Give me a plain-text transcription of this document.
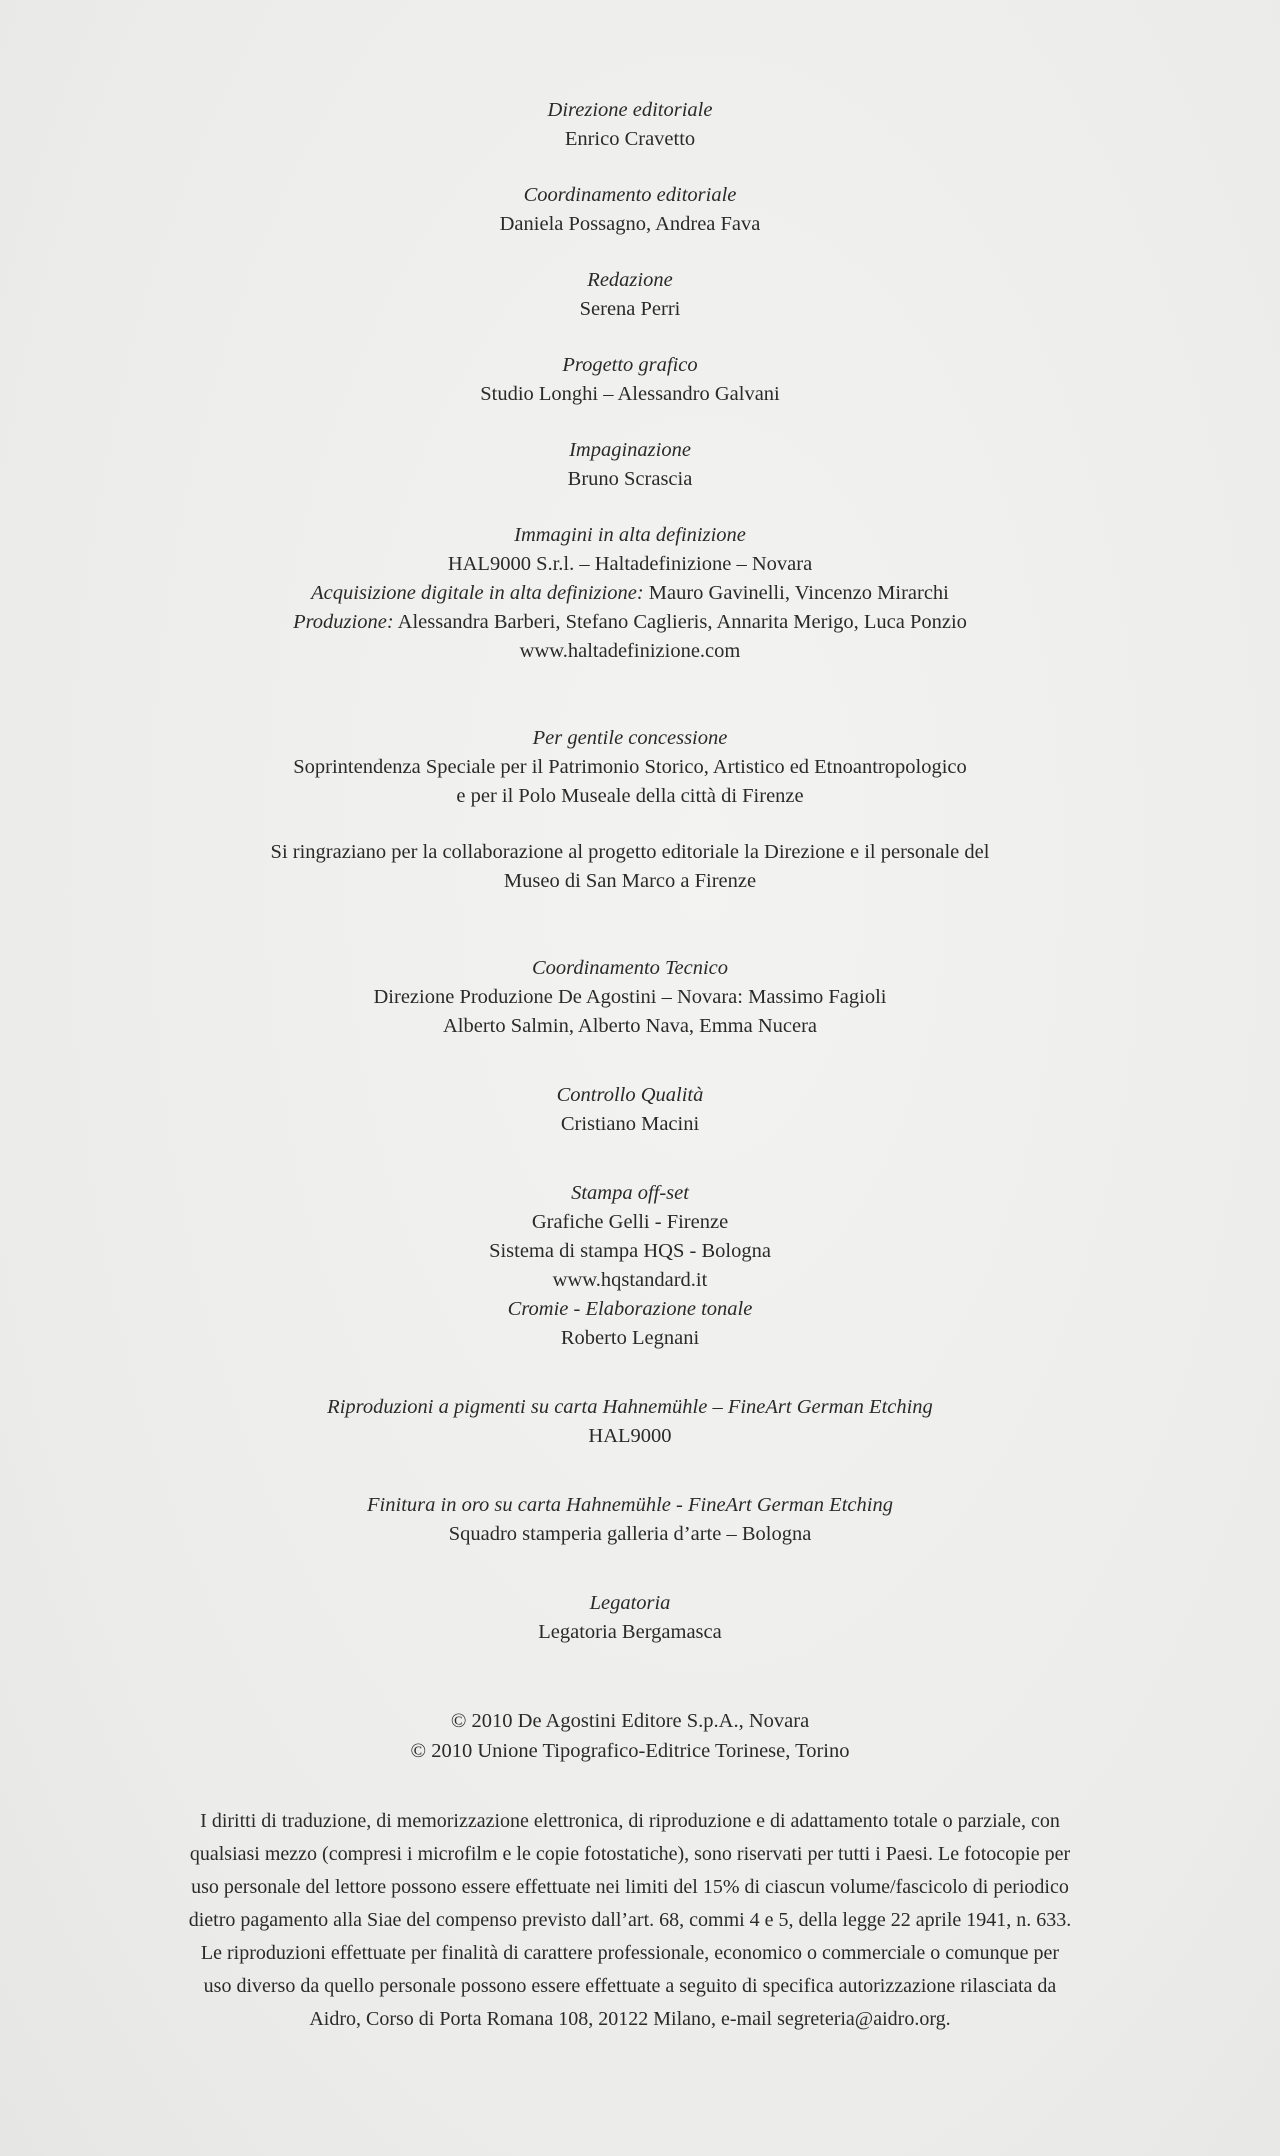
Direzione editoriale
Enrico Cravetto
Coordinamento editoriale
Daniela Possagno, Andrea Fava
Redazione
Serena Perri
Progetto grafico
Studio Longhi – Alessandro Galvani
Impaginazione
Bruno Scrascia
Immagini in alta definizione
HAL9000 S.r.l. – Haltadefinizione – Novara
Acquisizione digitale in alta definizione: Mauro Gavinelli, Vincenzo Mirarchi
Produzione: Alessandra Barberi, Stefano Caglieris, Annarita Merigo, Luca Ponzio
www.haltadefinizione.com
Per gentile concessione
Soprintendenza Speciale per il Patrimonio Storico, Artistico ed Etnoantropologico
e per il Polo Museale della città di Firenze
Si ringraziano per la collaborazione al progetto editoriale la Direzione e il personale del
Museo di San Marco a Firenze
Coordinamento Tecnico
Direzione Produzione De Agostini – Novara: Massimo Fagioli
Alberto Salmin, Alberto Nava, Emma Nucera
Controllo Qualità
Cristiano Macini
Stampa off-set
Grafiche Gelli - Firenze
Sistema di stampa HQS - Bologna
www.hqstandard.it
Cromie - Elaborazione tonale
Roberto Legnani
Riproduzioni a pigmenti su carta Hahnemühle – FineArt German Etching
HAL9000
Finitura in oro su carta Hahnemühle - FineArt German Etching
Squadro stamperia galleria d’arte – Bologna
Legatoria
Legatoria Bergamasca
© 2010 De Agostini Editore S.p.A., Novara
© 2010 Unione Tipografico-Editrice Torinese, Torino
I diritti di traduzione, di memorizzazione elettronica, di riproduzione e di adattamento totale o parziale, con
qualsiasi mezzo (compresi i microfilm e le copie fotostatiche), sono riservati per tutti i Paesi. Le fotocopie per
uso personale del lettore possono essere effettuate nei limiti del 15% di ciascun volume/fascicolo di periodico
dietro pagamento alla Siae del compenso previsto dall’art. 68, commi 4 e 5, della legge 22 aprile 1941, n. 633.
Le riproduzioni effettuate per finalità di carattere professionale, economico o commerciale o comunque per
uso diverso da quello personale possono essere effettuate a seguito di specifica autorizzazione rilasciata da
Aidro, Corso di Porta Romana 108, 20122 Milano, e-mail segreteria@aidro.org.
